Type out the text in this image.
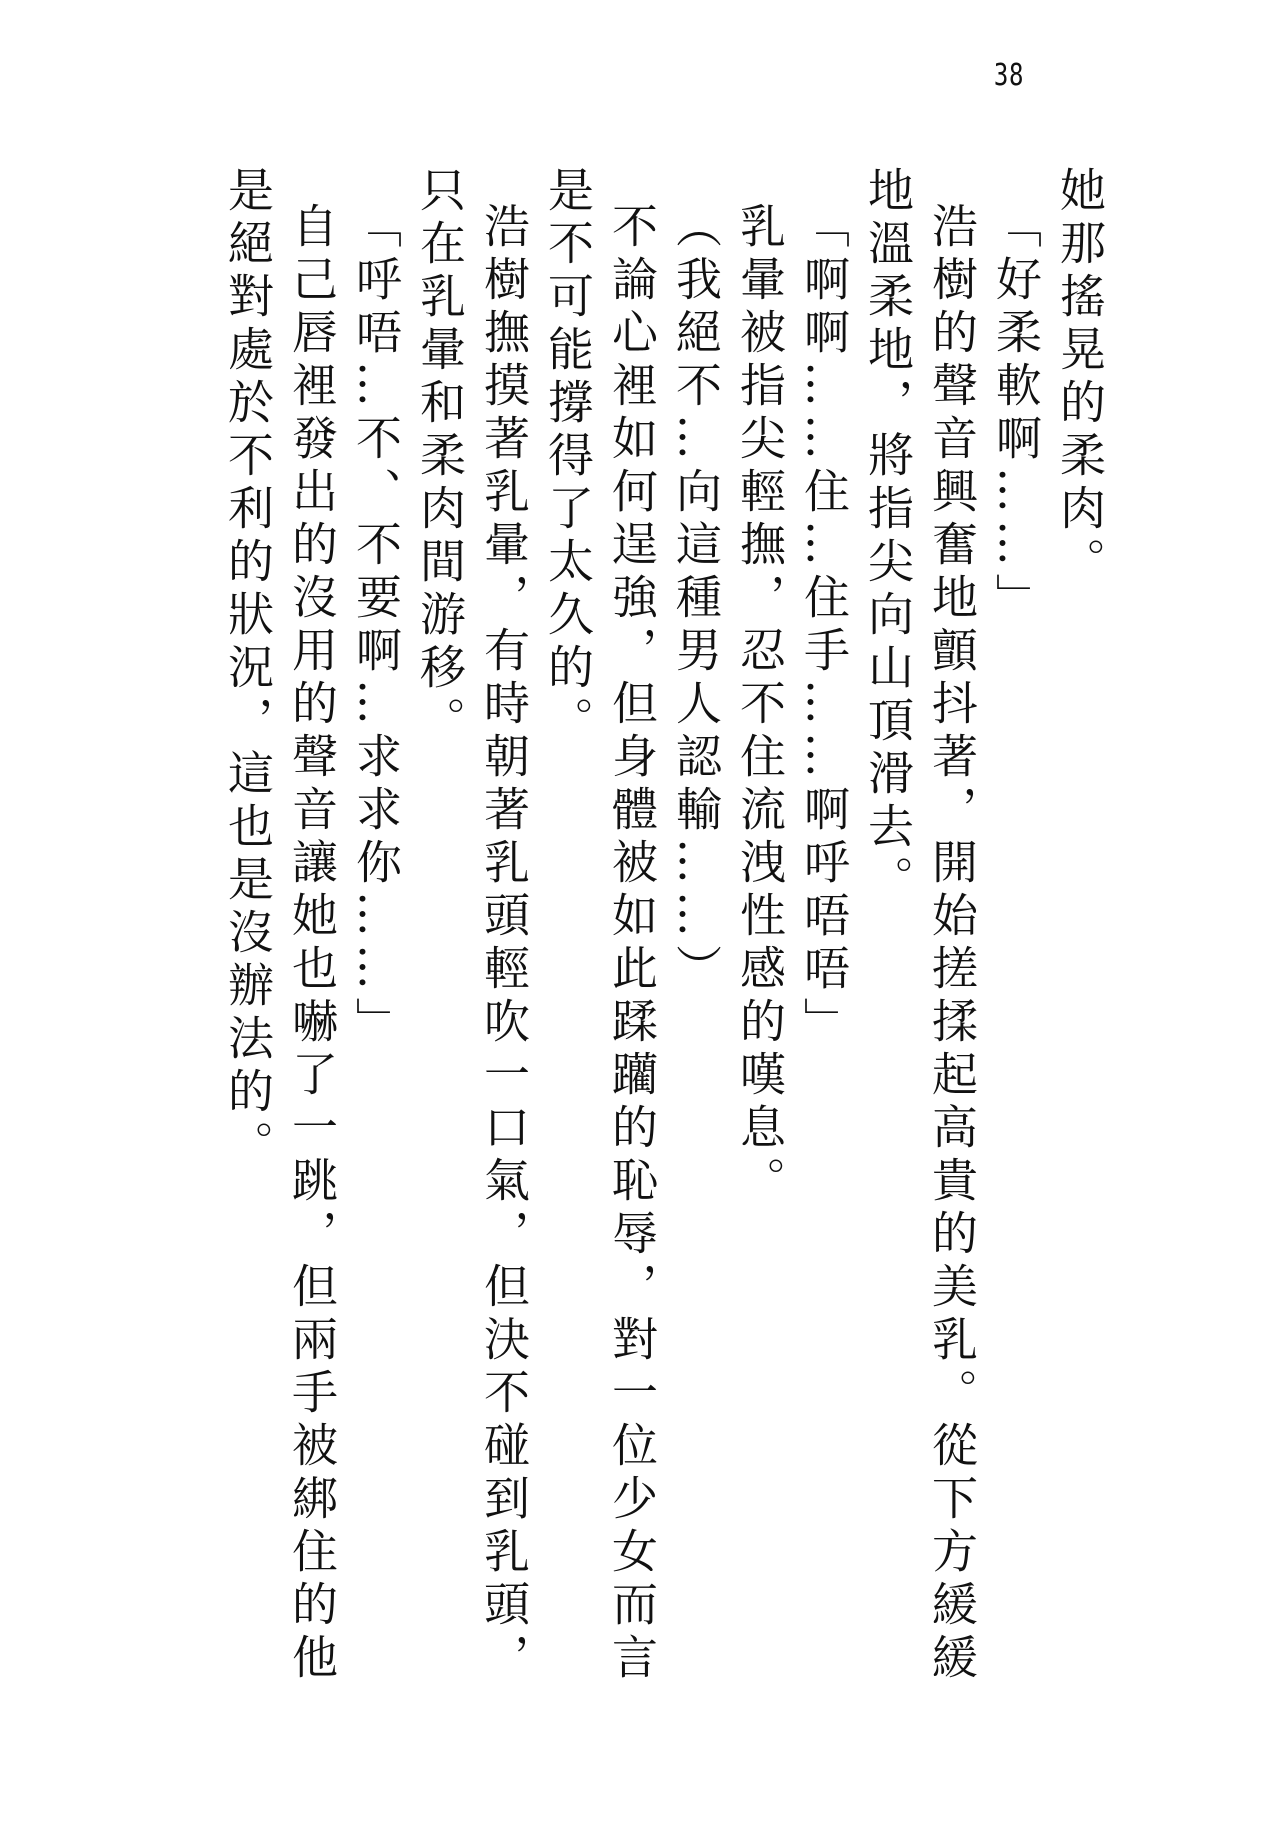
38
她那搖晃的柔肉。
「好柔軟啊……」
浩樹的聲音興奮地顫抖著，開始搓揉起高貴的美乳。從下方緩緩
地溫柔地，將指尖向山頂滑去。
「啊啊……住…住手……啊呼唔唔」
乳暈被指尖輕撫，忍不住流洩性感的嘆息。
（我絕不…向這種男人認輸……）
不論心裡如何逞強，但身體被如此蹂躪的恥辱，對一位少女而言
是不可能撐得了太久的。
浩樹撫摸著乳暈，有時朝著乳頭輕吹一口氣，但決不碰到乳頭，
只在乳暈和柔肉間游移。
「呼唔…不、不要啊…求求你……」
自己唇裡發出的沒用的聲音讓她也嚇了一跳，但兩手被綁住的他
是絕對處於不利的狀況，這也是沒辦法的。
